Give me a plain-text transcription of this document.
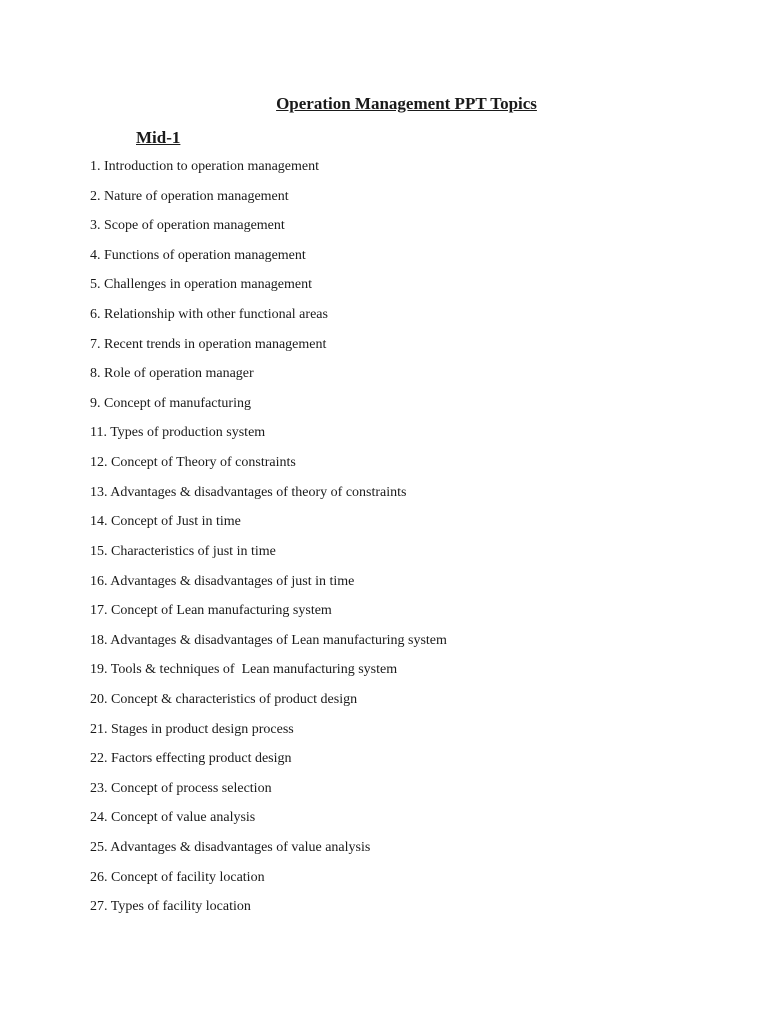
Operation Management PPT Topics
Mid-1
1. Introduction to operation management
2. Nature of operation management
3. Scope of operation management
4. Functions of operation management
5. Challenges in operation management
6. Relationship with other functional areas
7. Recent trends in operation management
8. Role of operation manager
9. Concept of manufacturing
11. Types of production system
12. Concept of Theory of constraints
13. Advantages & disadvantages of theory of constraints
14. Concept of Just in time
15. Characteristics of just in time
16. Advantages & disadvantages of just in time
17. Concept of Lean manufacturing system
18. Advantages & disadvantages of Lean manufacturing system
19. Tools & techniques of  Lean manufacturing system
20. Concept & characteristics of product design
21. Stages in product design process
22. Factors effecting product design
23. Concept of process selection
24. Concept of value analysis
25. Advantages & disadvantages of value analysis
26. Concept of facility location
27. Types of facility location
